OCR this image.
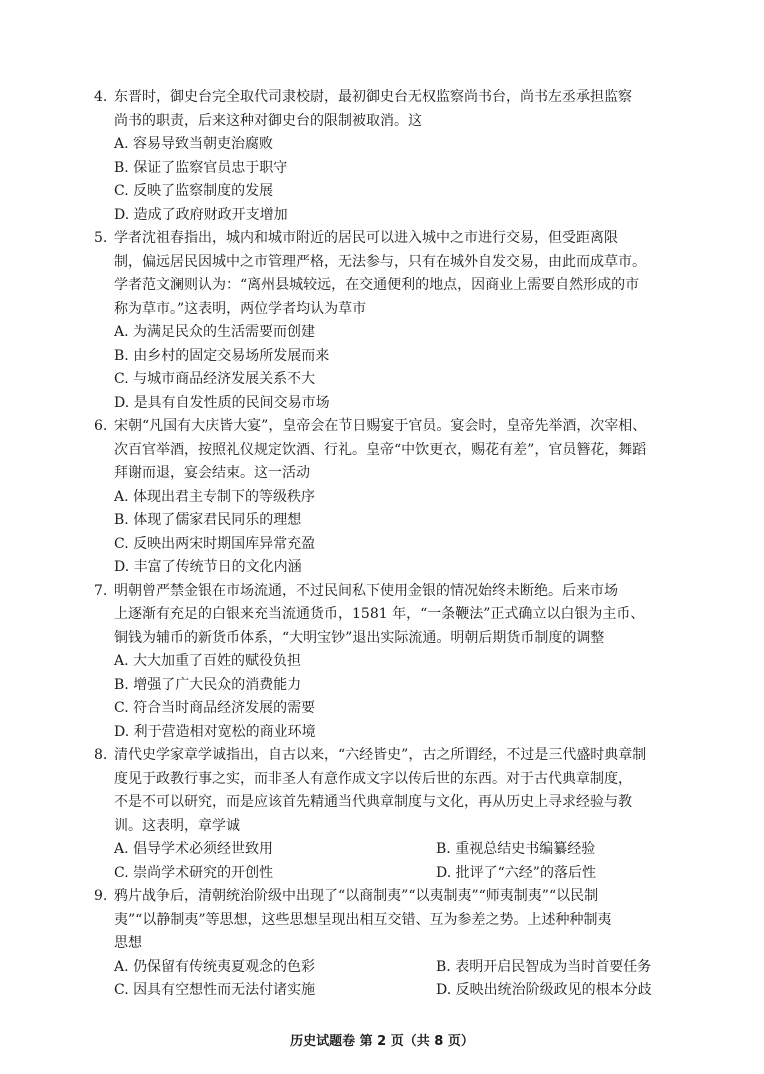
4. 东晋时，御史台完全取代司隶校尉，最初御史台无权监察尚书台，尚书左丞承担监察
尚书的职责，后来这种对御史台的限制被取消。这
A. 容易导致当朝吏治腐败
B. 保证了监察官员忠于职守
C. 反映了监察制度的发展
D. 造成了政府财政开支增加
5. 学者沈祖春指出，城内和城市附近的居民可以进入城中之市进行交易，但受距离限
制，偏远居民因城中之市管理严格，无法参与，只有在城外自发交易，由此而成草市。
学者范文澜则认为：“离州县城较远，在交通便利的地点，因商业上需要自然形成的市
称为草市。”这表明，两位学者均认为草市
A. 为满足民众的生活需要而创建
B. 由乡村的固定交易场所发展而来
C. 与城市商品经济发展关系不大
D. 是具有自发性质的民间交易市场
6. 宋朝“凡国有大庆皆大宴”，皇帝会在节日赐宴于官员。宴会时，皇帝先举酒，次宰相、
次百官举酒，按照礼仪规定饮酒、行礼。皇帝“中饮更衣，赐花有差”，官员簪花，舞蹈
拜谢而退，宴会结束。这一活动
A. 体现出君主专制下的等级秩序
B. 体现了儒家君民同乐的理想
C. 反映出两宋时期国库异常充盈
D. 丰富了传统节日的文化内涵
7. 明朝曾严禁金银在市场流通，不过民间私下使用金银的情况始终未断绝。后来市场
上逐渐有充足的白银来充当流通货币，1581 年，“一条鞭法”正式确立以白银为主币、
铜钱为辅币的新货币体系，“大明宝钞”退出实际流通。明朝后期货币制度的调整
A. 大大加重了百姓的赋役负担
B. 增强了广大民众的消费能力
C. 符合当时商品经济发展的需要
D. 利于营造相对宽松的商业环境
8. 清代史学家章学诚指出，自古以来，“六经皆史”，古之所谓经，不过是三代盛时典章制
度见于政教行事之实，而非圣人有意作成文字以传后世的东西。对于古代典章制度，
不是不可以研究，而是应该首先精通当代典章制度与文化，再从历史上寻求经验与教
训。这表明，章学诚
A. 倡导学术必须经世致用	B. 重视总结史书编纂经验
C. 崇尚学术研究的开创性	D. 批评了“六经”的落后性
9. 鸦片战争后，清朝统治阶级中出现了“以商制夷”“以夷制夷”“师夷制夷”“以民制
夷”“以静制夷”等思想，这些思想呈现出相互交错、互为参差之势。上述种种制夷
思想
A. 仍保留有传统夷夏观念的色彩	B. 表明开启民智成为当时首要任务
C. 因具有空想性而无法付诸实施	D. 反映出统治阶级政见的根本分歧
历史试题卷 第 2 页（共 8 页）
